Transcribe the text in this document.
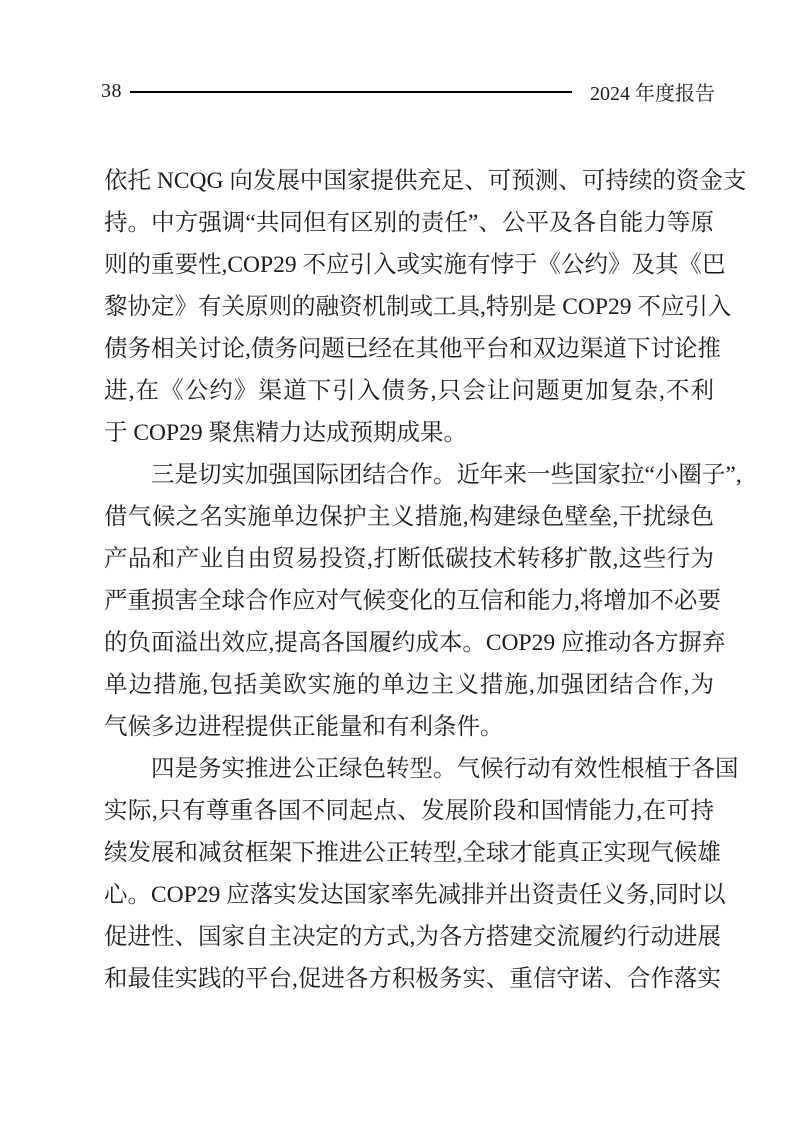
38	2024 年度报告
依托 NCQG 向发展中国家提供充足、可预测、可持续的资金支
持。中方强调“共同但有区别的责任”、公平及各自能力等原
则的重要性,COP29 不应引入或实施有悖于《公约》及其《巴
黎协定》有关原则的融资机制或工具,特别是 COP29 不应引入
债务相关讨论,债务问题已经在其他平台和双边渠道下讨论推
进,在《公约》渠道下引入债务,只会让问题更加复杂,不利
于 COP29 聚焦精力达成预期成果。
三是切实加强国际团结合作。近年来一些国家拉“小圈子”,
借气候之名实施单边保护主义措施,构建绿色壁垒,干扰绿色
产品和产业自由贸易投资,打断低碳技术转移扩散,这些行为
严重损害全球合作应对气候变化的互信和能力,将增加不必要
的负面溢出效应,提高各国履约成本。COP29 应推动各方摒弃
单边措施,包括美欧实施的单边主义措施,加强团结合作,为
气候多边进程提供正能量和有利条件。
四是务实推进公正绿色转型。气候行动有效性根植于各国
实际,只有尊重各国不同起点、发展阶段和国情能力,在可持
续发展和减贫框架下推进公正转型,全球才能真正实现气候雄
心。COP29 应落实发达国家率先减排并出资责任义务,同时以
促进性、国家自主决定的方式,为各方搭建交流履约行动进展
和最佳实践的平台,促进各方积极务实、重信守诺、合作落实
